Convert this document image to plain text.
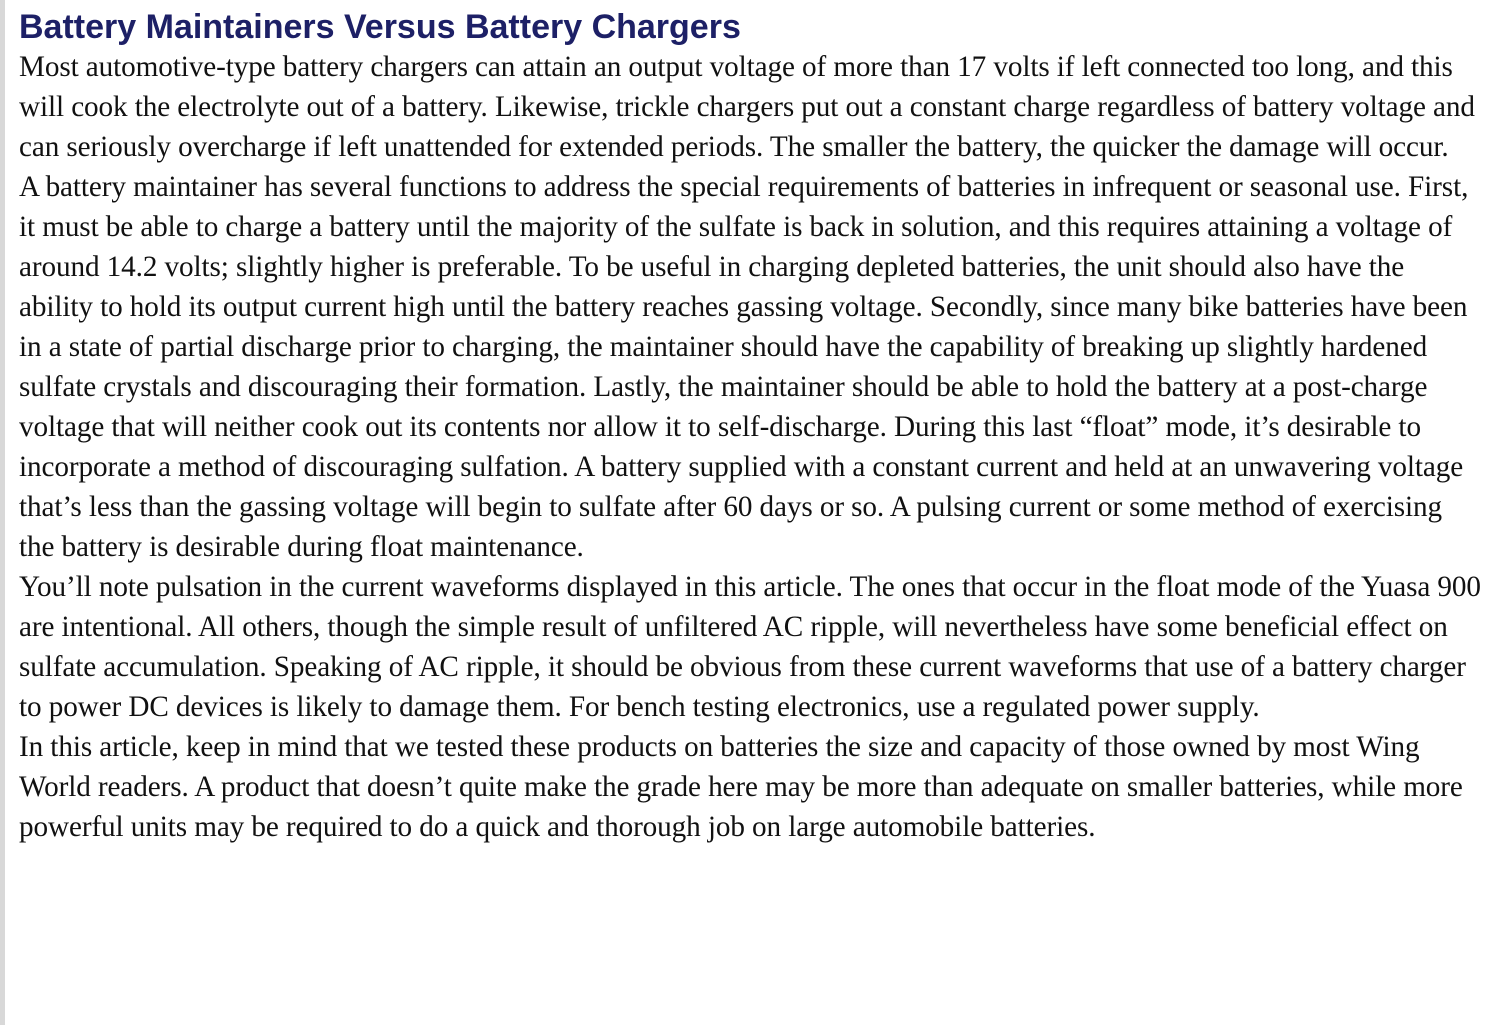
Battery Maintainers Versus Battery Chargers

Most automotive-type battery chargers can attain an output voltage of more than 17 volts if left connected too long, and this will cook the electrolyte out of a battery. Likewise, trickle chargers put out a constant charge regardless of battery voltage and can seriously overcharge if left unattended for extended periods. The smaller the battery, the quicker the damage will occur.

A battery maintainer has several functions to address the special requirements of batteries in infrequent or seasonal use. First, it must be able to charge a battery until the majority of the sulfate is back in solution, and this requires attaining a voltage of around 14.2 volts; slightly higher is preferable. To be useful in charging depleted batteries, the unit should also have the ability to hold its output current high until the battery reaches gassing voltage. Secondly, since many bike batteries have been in a state of partial discharge prior to charging, the maintainer should have the capability of breaking up slightly hardened sulfate crystals and discouraging their formation. Lastly, the maintainer should be able to hold the battery at a post-charge voltage that will neither cook out its contents nor allow it to self-discharge. During this last “float” mode, it’s desirable to incorporate a method of discouraging sulfation. A battery supplied with a constant current and held at an unwavering voltage that’s less than the gassing voltage will begin to sulfate after 60 days or so. A pulsing current or some method of exercising the battery is desirable during float maintenance.

You’ll note pulsation in the current waveforms displayed in this article. The ones that occur in the float mode of the Yuasa 900 are intentional. All others, though the simple result of unfiltered AC ripple, will nevertheless have some beneficial effect on sulfate accumulation. Speaking of AC ripple, it should be obvious from these current waveforms that use of a battery charger to power DC devices is likely to damage them. For bench testing electronics, use a regulated power supply.

In this article, keep in mind that we tested these products on batteries the size and capacity of those owned by most Wing World readers. A product that doesn’t quite make the grade here may be more than adequate on smaller batteries, while more powerful units may be required to do a quick and thorough job on large automobile batteries.
